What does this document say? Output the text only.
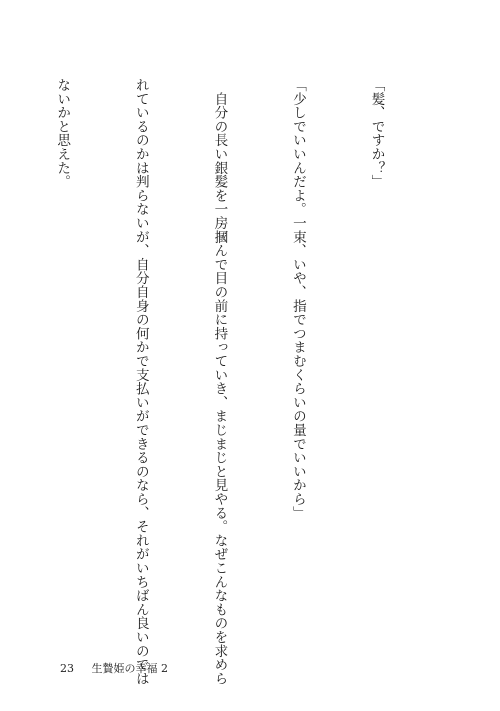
「髪、ですか？」

「少しでいいんだよ。一束、いや、指でつまむくらいの量でいいから」

　自分の長い銀髪を一房摑んで目の前に持っていき、まじまじと見やる。なぜこんなものを求めら

れているのかは判らないが、自分自身の何かで支払いができるのなら、それがいちばん良いのでは

ないかと思えた。

23 生贄姫の幸福 2
